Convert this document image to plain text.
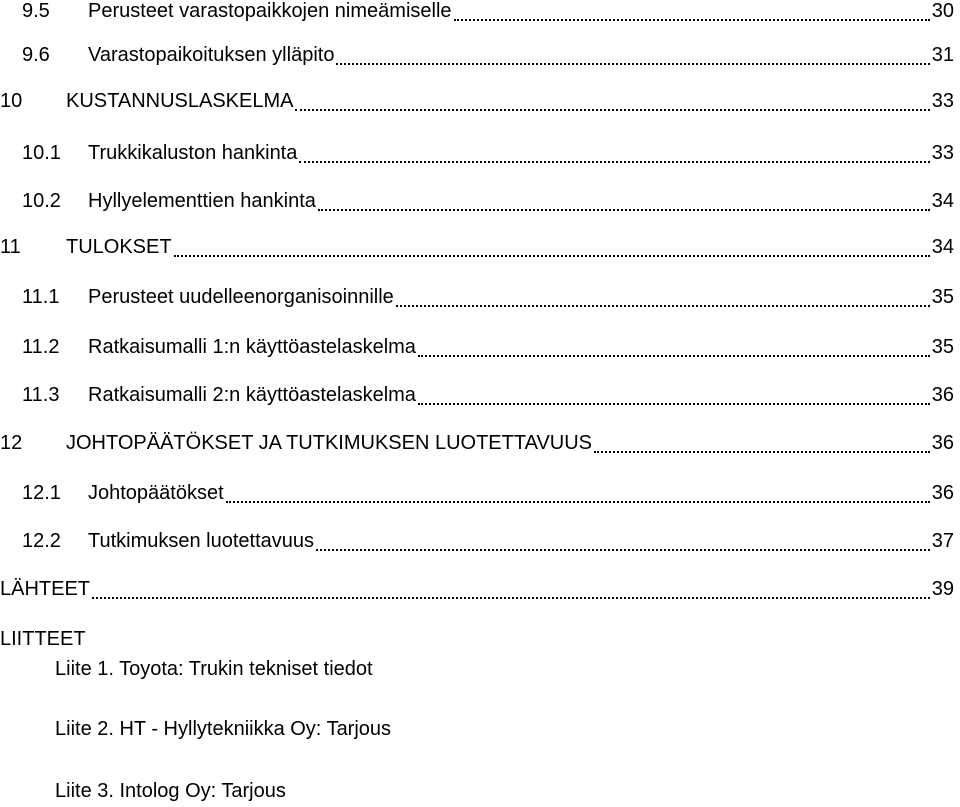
9.5	Perusteet varastopaikkojen nimeämiselle	30
9.6	Varastopaikoituksen ylläpito	31
10	KUSTANNUSLASKELMA	33
10.1	Trukkikaluston hankinta	33
10.2	Hyllyelementtien hankinta	34
11	TULOKSET	34
11.1	Perusteet uudelleenorganisoinnille	35
11.2	Ratkaisumalli 1:n käyttöastelaskelma	35
11.3	Ratkaisumalli 2:n käyttöastelaskelma	36
12	JOHTOPÄÄTÖKSET JA TUTKIMUKSEN LUOTETTAVUUS	36
12.1	Johtopäätökset	36
12.2	Tutkimuksen luotettavuus	37
LÄHTEET	39
LIITTEET
Liite 1. Toyota: Trukin tekniset tiedot
Liite 2. HT - Hyllytekniikka Oy: Tarjous
Liite 3. Intolog Oy: Tarjous
